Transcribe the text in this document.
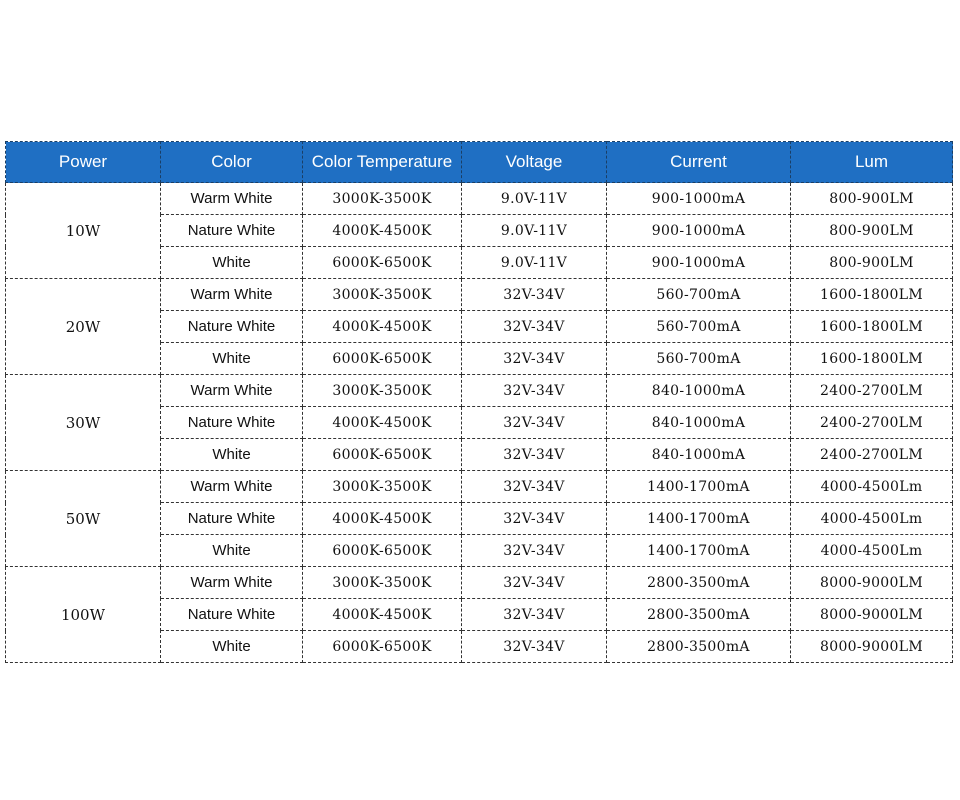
Power	Color	Color Temperature	Voltage	Current	Lum
10W	Warm White	3000K-3500K	9.0V-11V	900-1000mA	800-900LM
	Nature White	4000K-4500K	9.0V-11V	900-1000mA	800-900LM
	White	6000K-6500K	9.0V-11V	900-1000mA	800-900LM
20W	Warm White	3000K-3500K	32V-34V	560-700mA	1600-1800LM
	Nature White	4000K-4500K	32V-34V	560-700mA	1600-1800LM
	White	6000K-6500K	32V-34V	560-700mA	1600-1800LM
30W	Warm White	3000K-3500K	32V-34V	840-1000mA	2400-2700LM
	Nature White	4000K-4500K	32V-34V	840-1000mA	2400-2700LM
	White	6000K-6500K	32V-34V	840-1000mA	2400-2700LM
50W	Warm White	3000K-3500K	32V-34V	1400-1700mA	4000-4500Lm
	Nature White	4000K-4500K	32V-34V	1400-1700mA	4000-4500Lm
	White	6000K-6500K	32V-34V	1400-1700mA	4000-4500Lm
100W	Warm White	3000K-3500K	32V-34V	2800-3500mA	8000-9000LM
	Nature White	4000K-4500K	32V-34V	2800-3500mA	8000-9000LM
	White	6000K-6500K	32V-34V	2800-3500mA	8000-9000LM
